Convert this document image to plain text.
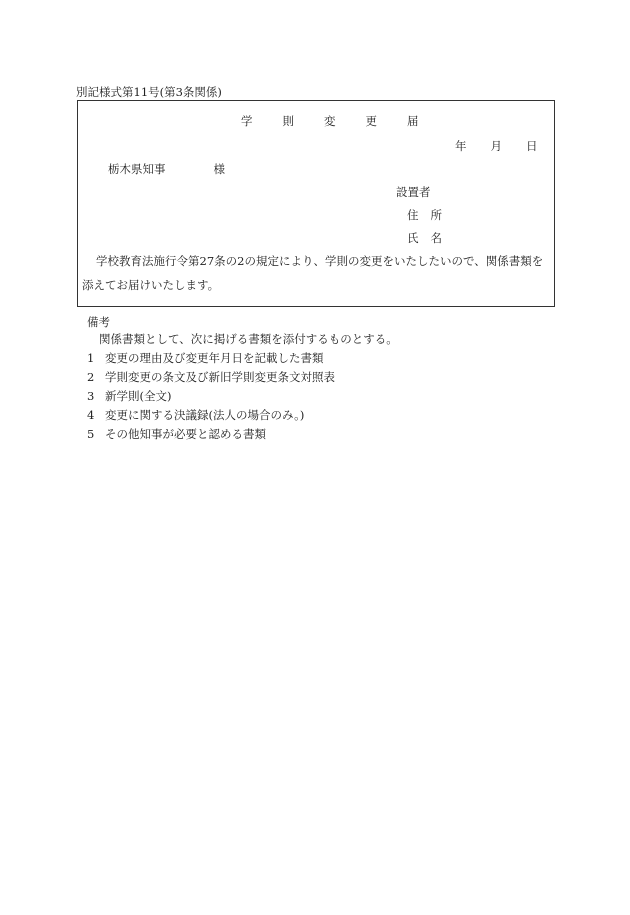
別記様式第11号(第3条関係)
学	則	変	更	届
年 月 日
栃木県知事	様
設置者
住 所
氏 名
学校教育法施行令第27条の2の規定により、学則の変更をいたしたいので、関係書類を
添えてお届けいたします。
備考
関係書類として、次に掲げる書類を添付するものとする。
1 変更の理由及び変更年月日を記載した書類
2 学則変更の条文及び新旧学則変更条文対照表
3 新学則(全文)
4 変更に関する決議録(法人の場合のみ。)
5 その他知事が必要と認める書類
